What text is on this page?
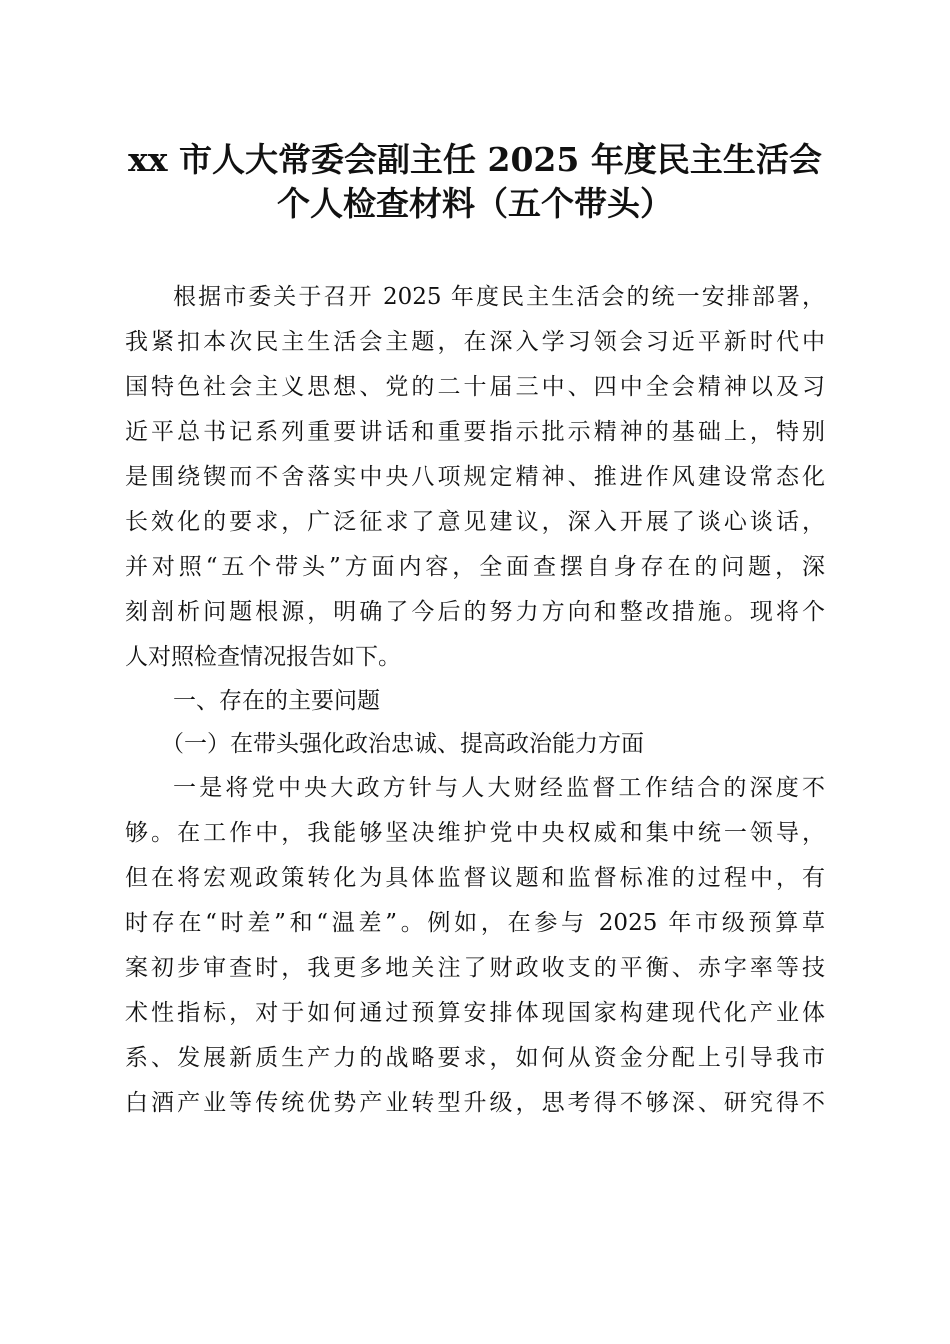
xx 市人大常委会副主任 2025 年度民主生活会
个人检查材料（五个带头）
根据市委关于召开 2025 年度民主生活会的统一安排部署，
我紧扣本次民主生活会主题，在深入学习领会习近平新时代中
国特色社会主义思想、党的二十届三中、四中全会精神以及习
近平总书记系列重要讲话和重要指示批示精神的基础上，特别
是围绕锲而不舍落实中央八项规定精神、推进作风建设常态化
长效化的要求，广泛征求了意见建议，深入开展了谈心谈话，
并对照“五个带头”方面内容，全面查摆自身存在的问题，深
刻剖析问题根源，明确了今后的努力方向和整改措施。现将个
人对照检查情况报告如下。
一、存在的主要问题
（一）在带头强化政治忠诚、提高政治能力方面
一是将党中央大政方针与人大财经监督工作结合的深度不
够。在工作中，我能够坚决维护党中央权威和集中统一领导，
但在将宏观政策转化为具体监督议题和监督标准的过程中，有
时存在“时差”和“温差”。例如，在参与 2025 年市级预算草
案初步审查时，我更多地关注了财政收支的平衡、赤字率等技
术性指标，对于如何通过预算安排体现国家构建现代化产业体
系、发展新质生产力的战略要求，如何从资金分配上引导我市
白酒产业等传统优势产业转型升级，思考得不够深、研究得不
